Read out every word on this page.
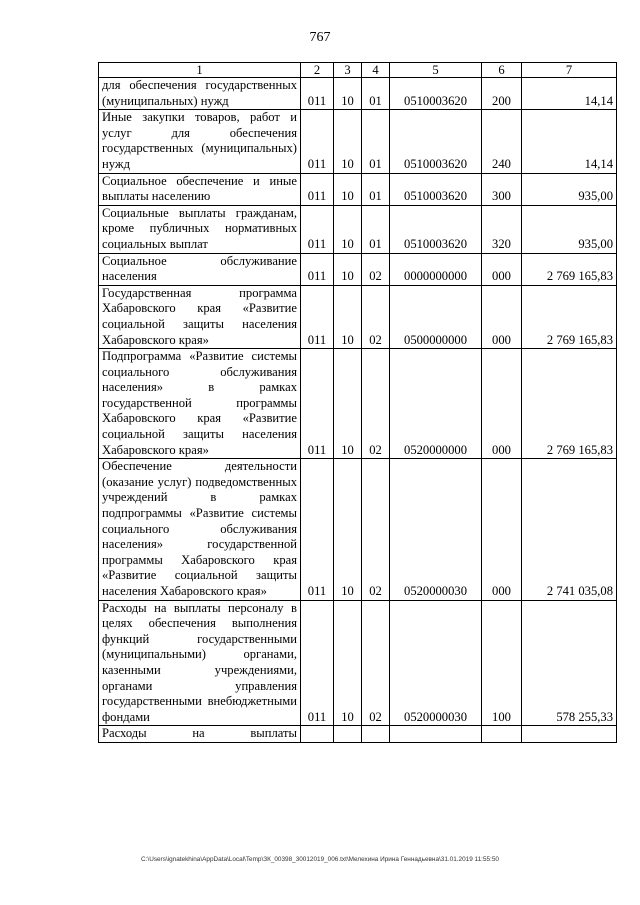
767
1	2	3	4	5	6	7
для обеспечения государственных (муниципальных) нужд	011	10	01	0510003620	200	14,14
Иные закупки товаров, работ и услуг для обеспечения государственных (муниципальных) нужд	011	10	01	0510003620	240	14,14
Социальное обеспечение и иные выплаты населению	011	10	01	0510003620	300	935,00
Социальные выплаты гражданам, кроме публичных нормативных социальных выплат	011	10	01	0510003620	320	935,00
Социальное обслуживание населения	011	10	02	0000000000	000	2 769 165,83
Государственная программа Хабаровского края «Развитие социальной защиты населения Хабаровского края»	011	10	02	0500000000	000	2 769 165,83
Подпрограмма «Развитие системы социального обслуживания населения» в рамках государственной программы Хабаровского края «Развитие социальной защиты населения Хабаровского края»	011	10	02	0520000000	000	2 769 165,83
Обеспечение деятельности (оказание услуг) подведомственных учреждений в рамках подпрограммы «Развитие системы социального обслуживания населения» государственной программы Хабаровского края «Развитие социальной защиты населения Хабаровского края»	011	10	02	0520000030	000	2 741 035,08
Расходы на выплаты персоналу в целях обеспечения выполнения функций государственными (муниципальными) органами, казенными учреждениями, органами управления государственными внебюджетными фондами	011	10	02	0520000030	100	578 255,33
Расходы на выплаты						
C:\Users\ignatekhina\AppData\Local\Temp\ЗК_00398_30012019_006.txt\Мелехина Ирина Геннадьевна\31.01.2019 11:55:50
